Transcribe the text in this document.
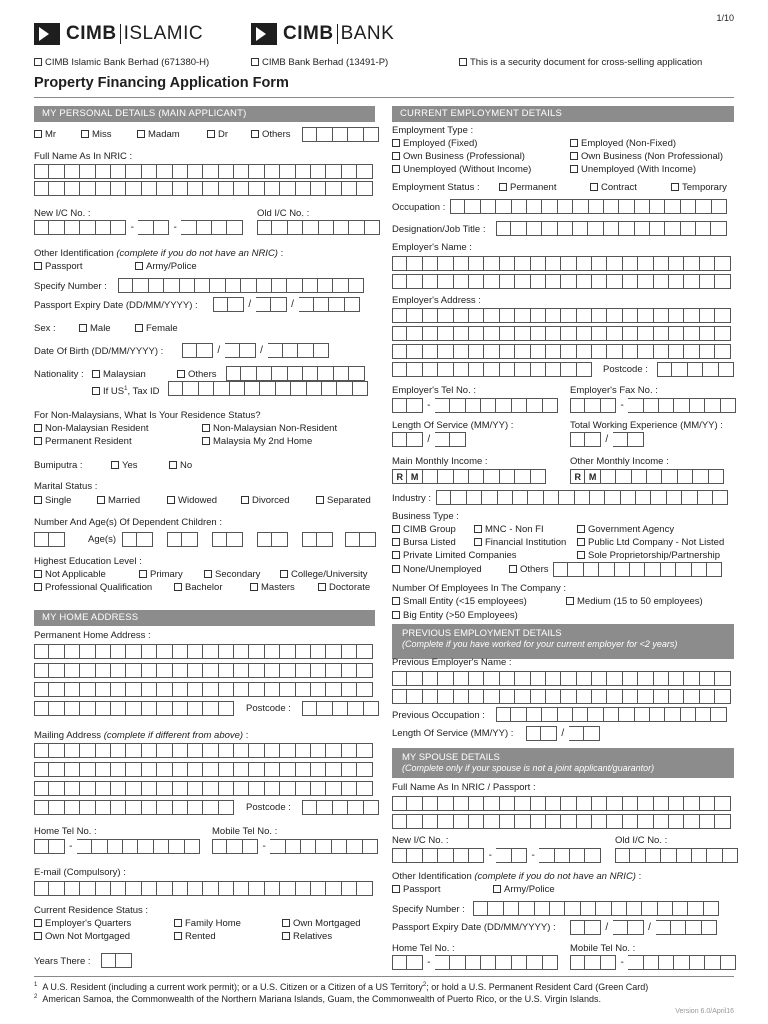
1/10
CIMB ISLAMIC	CIMB BANK
CIMB Islamic Bank Berhad (671380-H)	CIMB Bank Berhad (13491-P)	This is a security document for cross-selling application
Property Financing Application Form
MY PERSONAL DETAILS (MAIN APPLICANT)
Mr	Miss	Madam	Dr	Others
Full Name As In NRIC :
New I/C No. :	Old I/C No. :
-	-
Other Identification (complete if you do not have an NRIC) :
Passport	Army/Police
Specify Number :
Passport Expiry Date (DD/MM/YYYY) :	/	/
Sex :	Male	Female
Date Of Birth (DD/MM/YYYY) :	/	/
Nationality :	Malaysian	Others
If $US^1$, Tax ID
For Non-Malaysians, What Is Your Residence Status?
Non-Malaysian Resident	Non-Malaysian Non-Resident
Permanent Resident	Malaysia My 2nd Home
Bumiputra :	Yes	No
Marital Status :
Single	Married	Widowed	Divorced	Separated
Number And Age(s) Of Dependent Children :
Age(s)
Highest Education Level :
Not Applicable	Primary	Secondary	College/University
Professional Qualification	Bachelor	Masters	Doctorate
MY HOME ADDRESS
Permanent Home Address :
Postcode :
Mailing Address (complete if different from above) :
Postcode :
Home Tel No. :	Mobile Tel No. :
-	-
E-mail (Compulsory) :
Current Residence Status :
Employer's Quarters	Family Home	Own Mortgaged
Own Not Mortgaged	Rented	Relatives
Years There :
CURRENT EMPLOYMENT DETAILS
Employment Type :
Employed (Fixed)	Employed (Non-Fixed)
Own Business (Professional)	Own Business (Non Professional)
Unemployed (Without Income)	Unemployed (With Income)
Employment Status :	Permanent	Contract	Temporary
Occupation :
Designation/Job Title :
Employer's Name :
Employer's Address :
Postcode :
Employer's Tel No. :	Employer's Fax No. :
-	-
Length Of Service (MM/YY) :	Total Working Experience (MM/YY) :
/	/
Main Monthly Income :	Other Monthly Income :
R M	R M
Industry :
Business Type :
CIMB Group	MNC - Non FI	Government Agency
Bursa Listed	Financial Institution	Public Ltd Company - Not Listed
Private Limited Companies	Sole Proprietorship/Partnership
None/Unemployed	Others
Number Of Employees In The Company :
Small Entity (<15 employees)	Medium (15 to 50 employees)
Big Entity (>50 Employees)
PREVIOUS EMPLOYMENT DETAILS
(Complete if you have worked for your current employer for <2 years)
Previous Employer's Name :
Previous Occupation :
Length Of Service (MM/YY) :	/
MY SPOUSE DETAILS
(Complete only if your spouse is not a joint applicant/guarantor)
Full Name As In NRIC / Passport :
New I/C No. :	Old I/C No. :
-	-
Other Identification (complete if you do not have an NRIC) :
Passport	Army/Police
Specify Number :
Passport Expiry Date (DD/MM/YYYY) :	/	/
Home Tel No. :	Mobile Tel No. :
-	-
$^1$ A U.S. Resident (including a current work permit); or a U.S. Citizen or a Citizen of a US Territory$^2$; or hold a U.S. Permanent Resident Card (Green Card)
$^2$ American Samoa, the Commonwealth of the Northern Mariana Islands, Guam, the Commonwealth of Puerto Rico, or the U.S. Virgin Islands.
Version 6.0/April16
